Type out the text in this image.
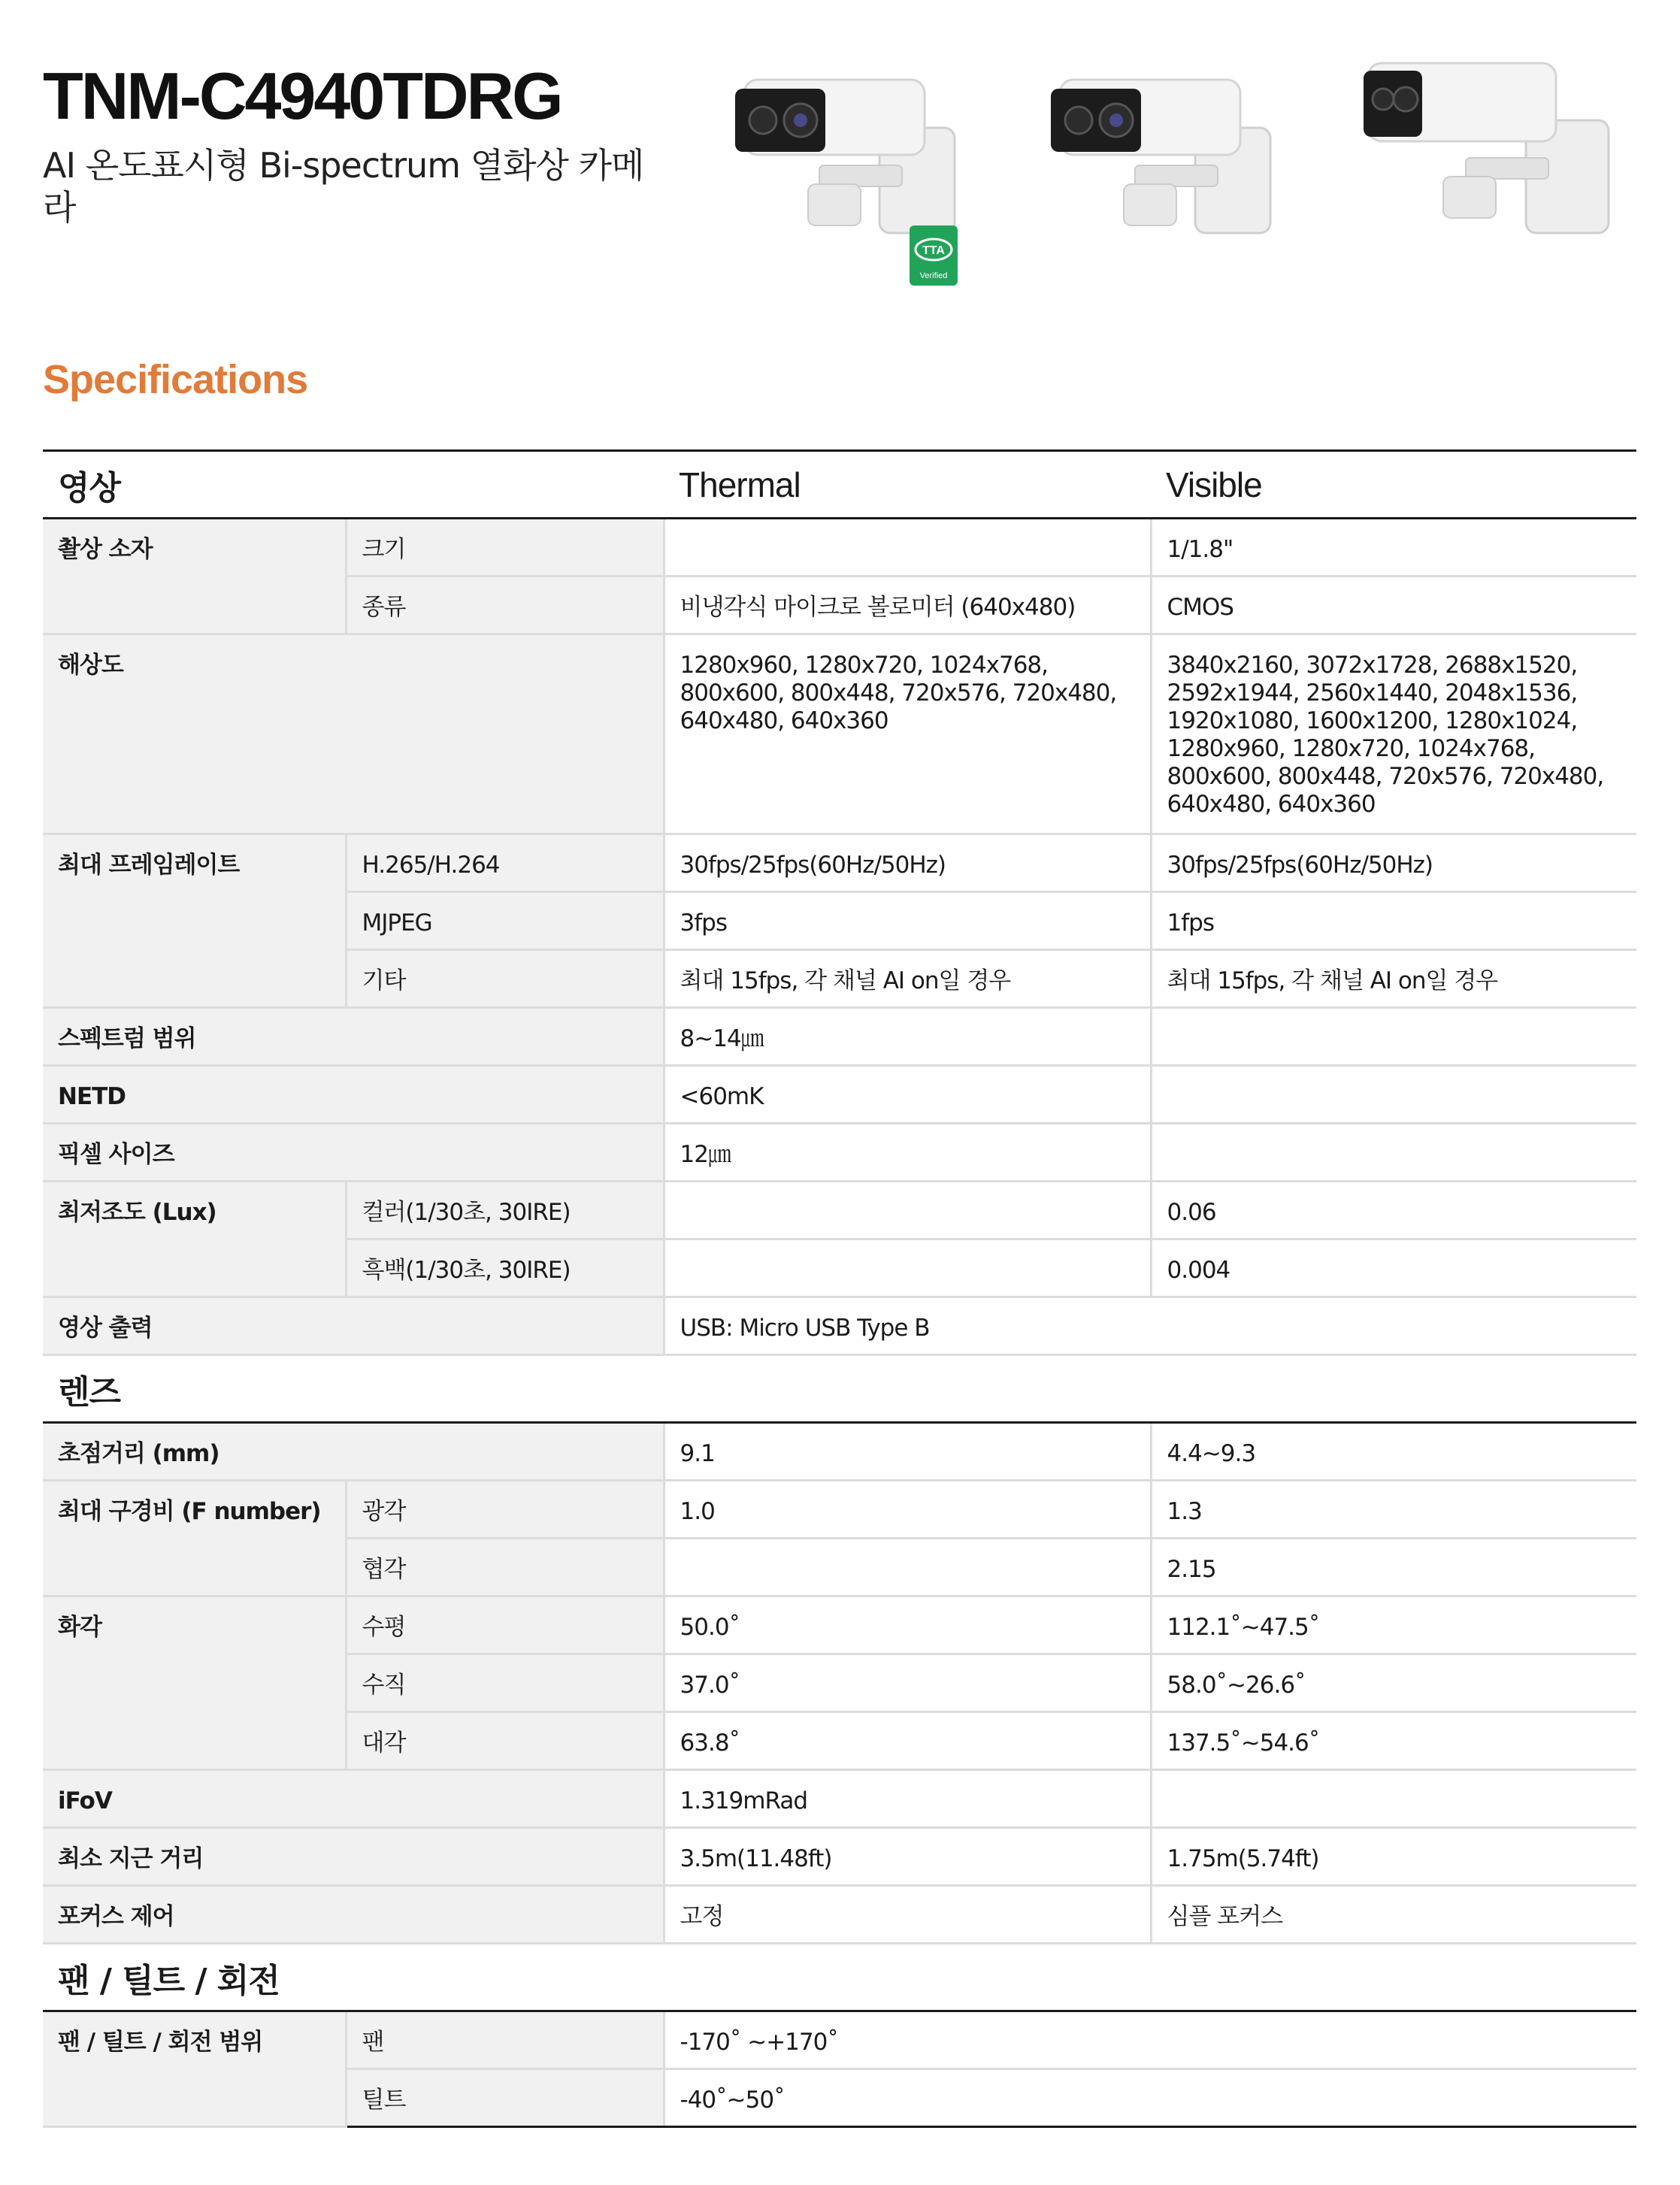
TNM-C4940TDRG

AI 온도표시형 Bi-spectrum 열화상 카메라

TTA
Verified
Specifications
영상		Thermal	Visible
촬상 소자	크기		1/1.8"
	종류	비냉각식 마이크로 볼로미터 (640x480)	CMOS
해상도		1280x960, 1280x720, 1024x768, 800x600, 800x448, 720x576, 720x480, 640x480, 640x360	3840x2160, 3072x1728, 2688x1520, 2592x1944, 2560x1440, 2048x1536, 1920x1080, 1600x1200, 1280x1024, 1280x960, 1280x720, 1024x768, 800x600, 800x448, 720x576, 720x480, 640x480, 640x360
최대 프레임레이트	H.265/H.264	30fps/25fps(60Hz/50Hz)	30fps/25fps(60Hz/50Hz)
	MJPEG	3fps	1fps
	기타	최대 15fps, 각 채널 AI on일 경우	최대 15fps, 각 채널 AI on일 경우
스펙트럼 범위		8~14㎛	
NETD		<60mK	
픽셀 사이즈		12㎛	
최저조도 (Lux)	컬러(1/30초, 30IRE)		0.06
	흑백(1/30초, 30IRE)		0.004
영상 출력		USB: Micro USB Type B	
렌즈			
초점거리 (mm)		9.1	4.4~9.3
최대 구경비 (F number)	광각	1.0	1.3
	협각		2.15
화각	수평	50.0˚	112.1˚~47.5˚
	수직	37.0˚	58.0˚~26.6˚
	대각	63.8˚	137.5˚~54.6˚
iFoV		1.319mRad	
최소 지근 거리		3.5m(11.48ft)	1.75m(5.74ft)
포커스 제어		고정	심플 포커스
팬 / 틸트 / 회전			
팬 / 틸트 / 회전 범위	팬	-170˚ ~+170˚	
	틸트	-40˚~50˚	
